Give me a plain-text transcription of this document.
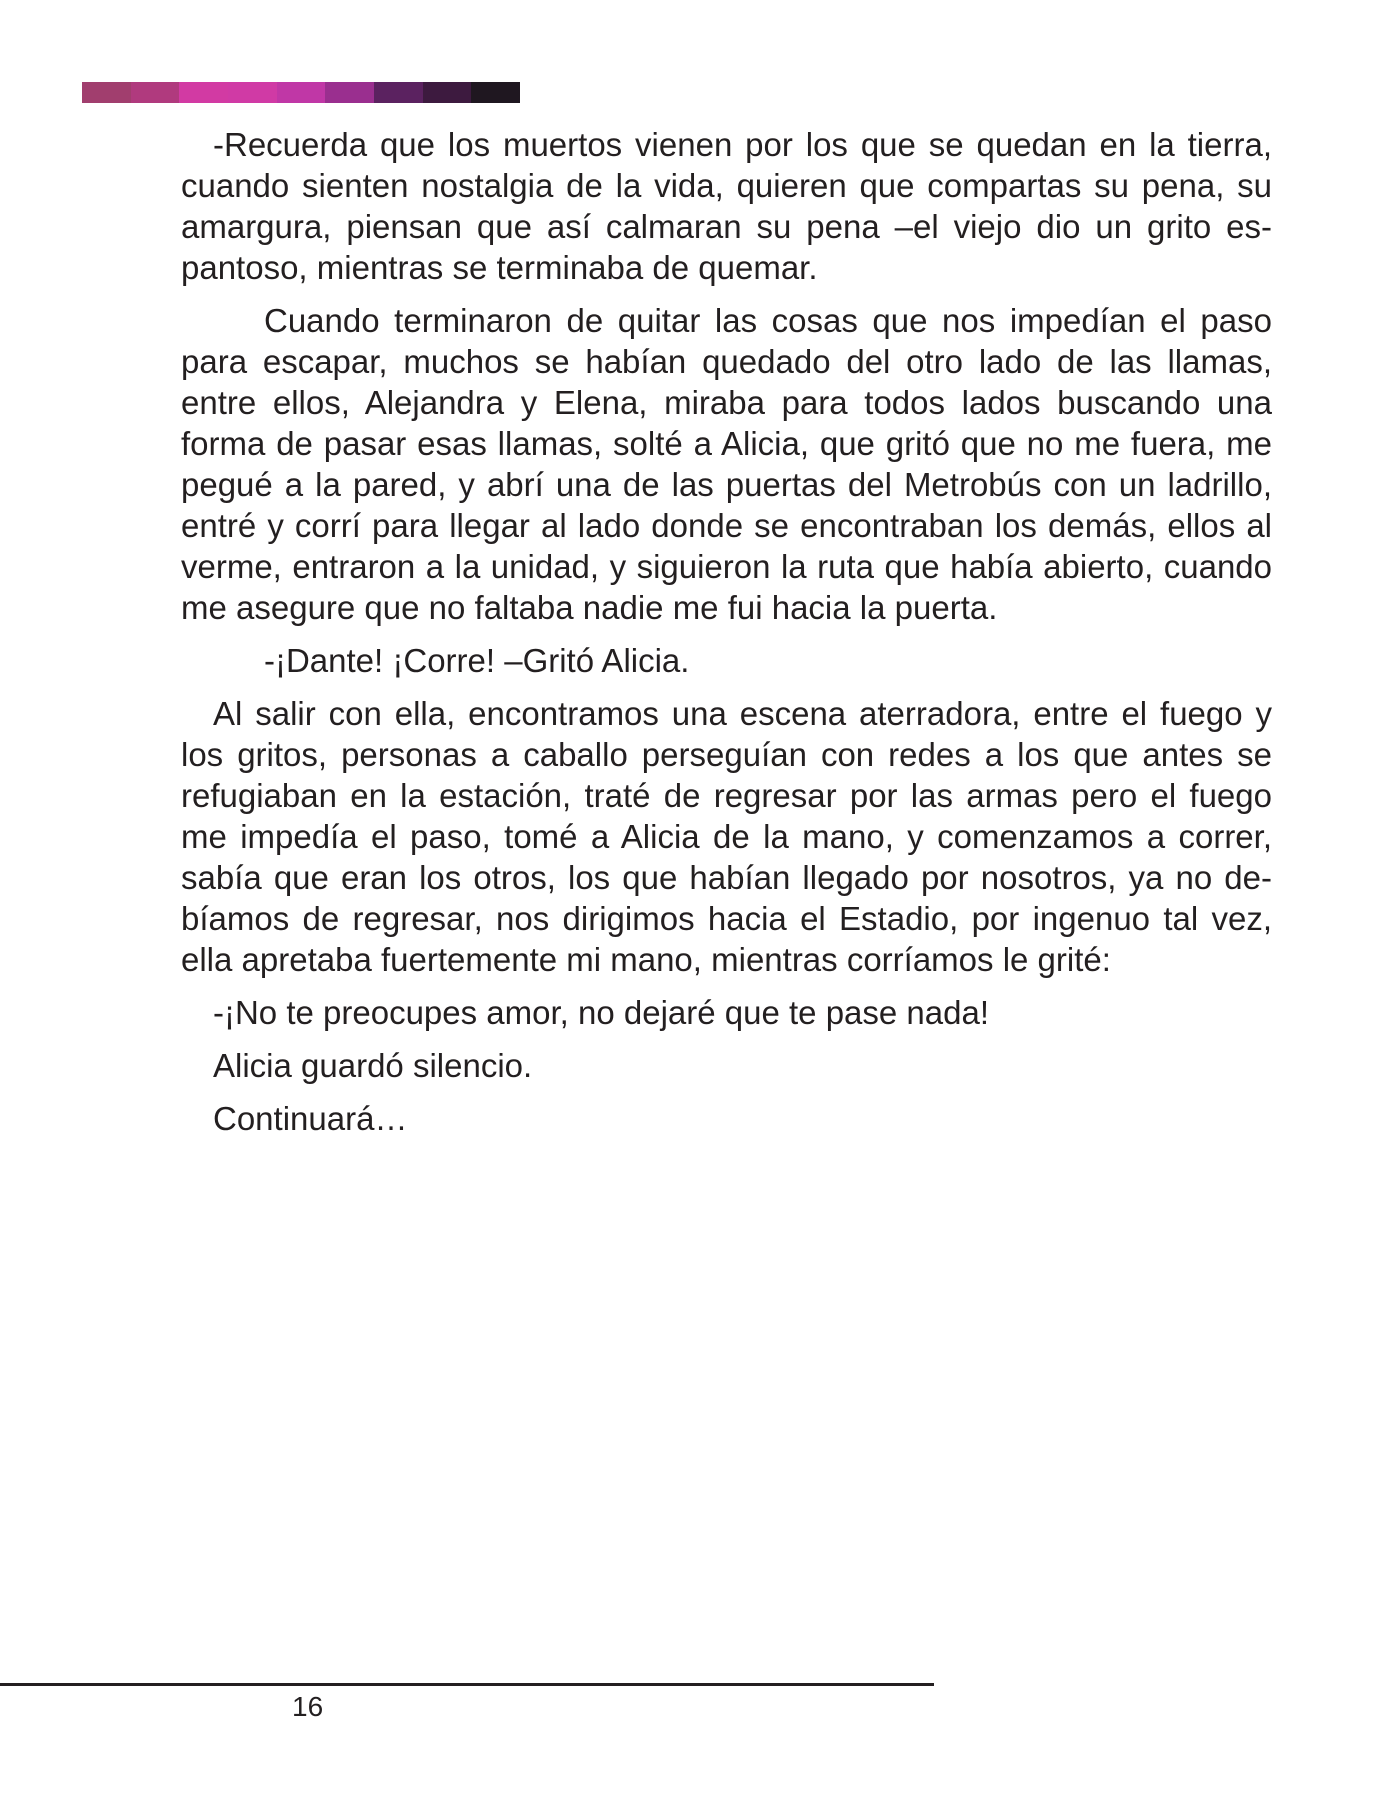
-Recuerda que los muertos vienen por los que se quedan en la tierra, cuando sienten nostalgia de la vida, quieren que compartas su pena, su amargura, piensan que así calmaran su pena –el viejo dio un grito es-pantoso, mientras se terminaba de quemar.

Cuando terminaron de quitar las cosas que nos impedían el paso para escapar, muchos se habían quedado del otro lado de las llamas, entre ellos, Alejandra y Elena, miraba para todos lados buscando una forma de pasar esas llamas, solté a Alicia, que gritó que no me fuera, me pegué a la pared, y abrí una de las puertas del Metrobús con un ladrillo, entré y corrí para llegar al lado donde se encontraban los demás, ellos al verme, entraron a la unidad, y siguieron la ruta que había abierto, cuando me asegure que no faltaba nadie me fui hacia la puerta.

-¡Dante! ¡Corre! –Gritó Alicia.

Al salir con ella, encontramos una escena aterradora, entre el fuego y los gritos, personas a caballo perseguían con redes a los que antes se refugiaban en la estación, traté de regresar por las armas pero el fuego me impedía el paso, tomé a Alicia de la mano, y comenzamos a correr, sabía que eran los otros, los que habían llegado por nosotros, ya no de-bíamos de regresar, nos dirigimos hacia el Estadio, por ingenuo tal vez, ella apretaba fuertemente mi mano, mientras corríamos le grité:

-¡No te preocupes amor, no dejaré que te pase nada!

Alicia guardó silencio.

Continuará…

16
